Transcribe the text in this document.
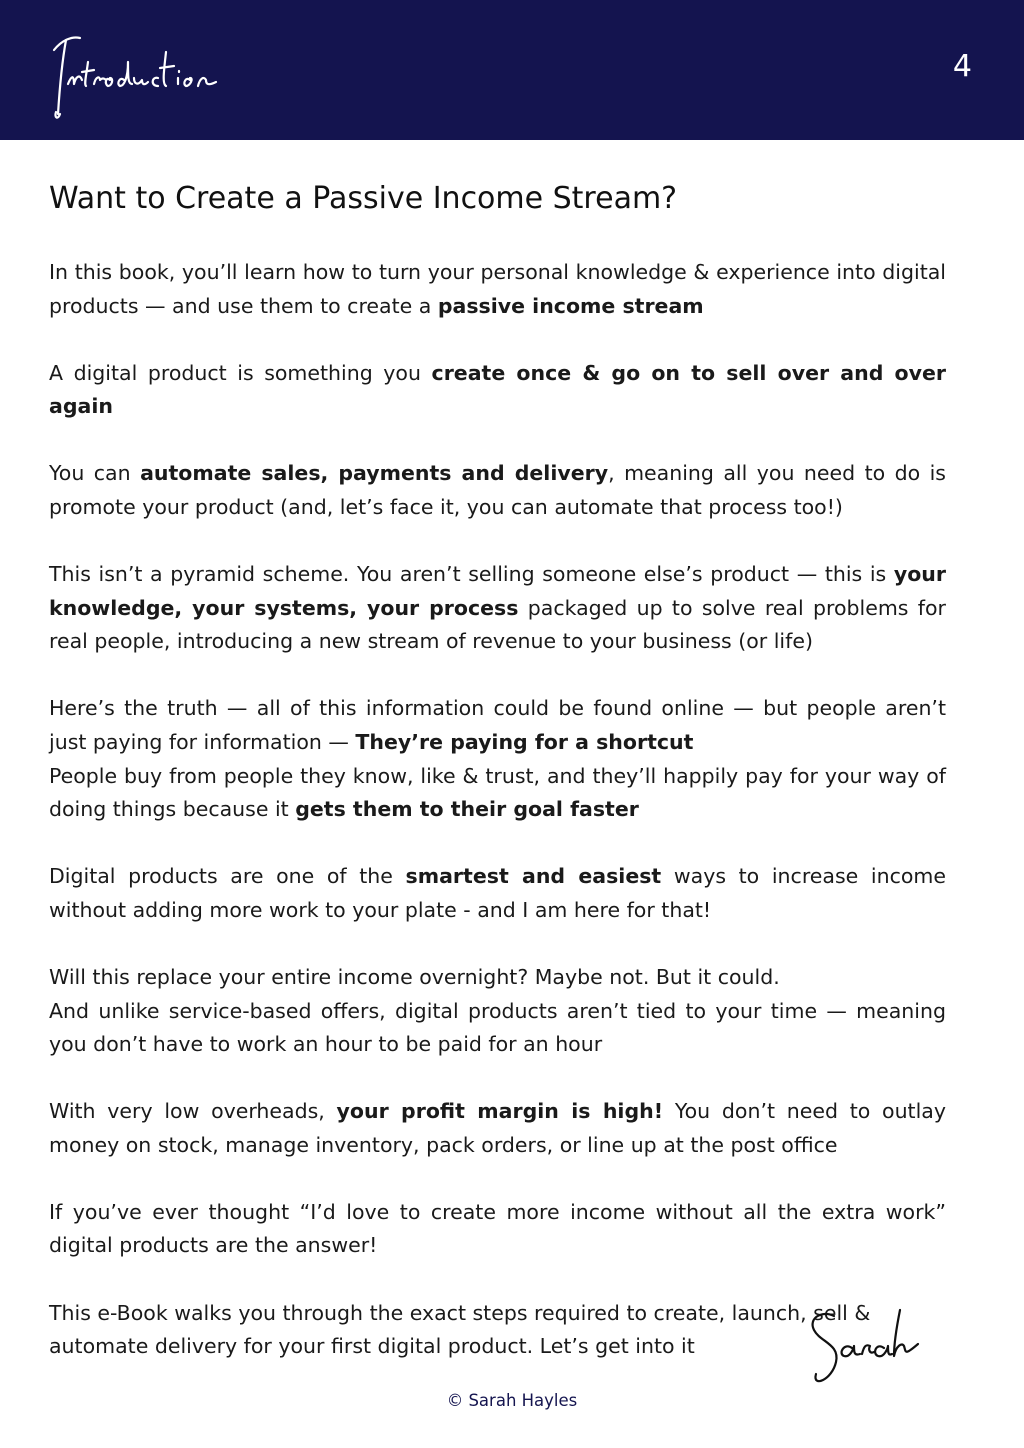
4
Want to Create a Passive Income Stream?

In this book, you’ll learn how to turn your personal knowledge & experience into digital products — and use them to create a passive income stream

A digital product is something you create once & go on to sell over and over again

You can automate sales, payments and delivery, meaning all you need to do is promote your product (and, let’s face it, you can automate that process too!)

This isn’t a pyramid scheme. You aren’t selling someone else’s product — this is your knowledge, your systems, your process packaged up to solve real problems for real people, introducing a new stream of revenue to your business (or life)

Here’s the truth — all of this information could be found online — but people aren’t just paying for information — They’re paying for a shortcut
People buy from people they know, like & trust, and they’ll happily pay for your way of doing things because it gets them to their goal faster

Digital products are one of the smartest and easiest ways to increase income without adding more work to your plate - and I am here for that!

Will this replace your entire income overnight? Maybe not. But it could.
And unlike service-based offers, digital products aren’t tied to your time — meaning you don’t have to work an hour to be paid for an hour

With very low overheads, your profit margin is high! You don’t need to outlay money on stock, manage inventory, pack orders, or line up at the post office

If you’ve ever thought “I’d love to create more income without all the extra work” digital products are the answer!

This e-Book walks you through the exact steps required to create, launch, sell & automate delivery for your first digital product. Let’s get into it

© Sarah Hayles
